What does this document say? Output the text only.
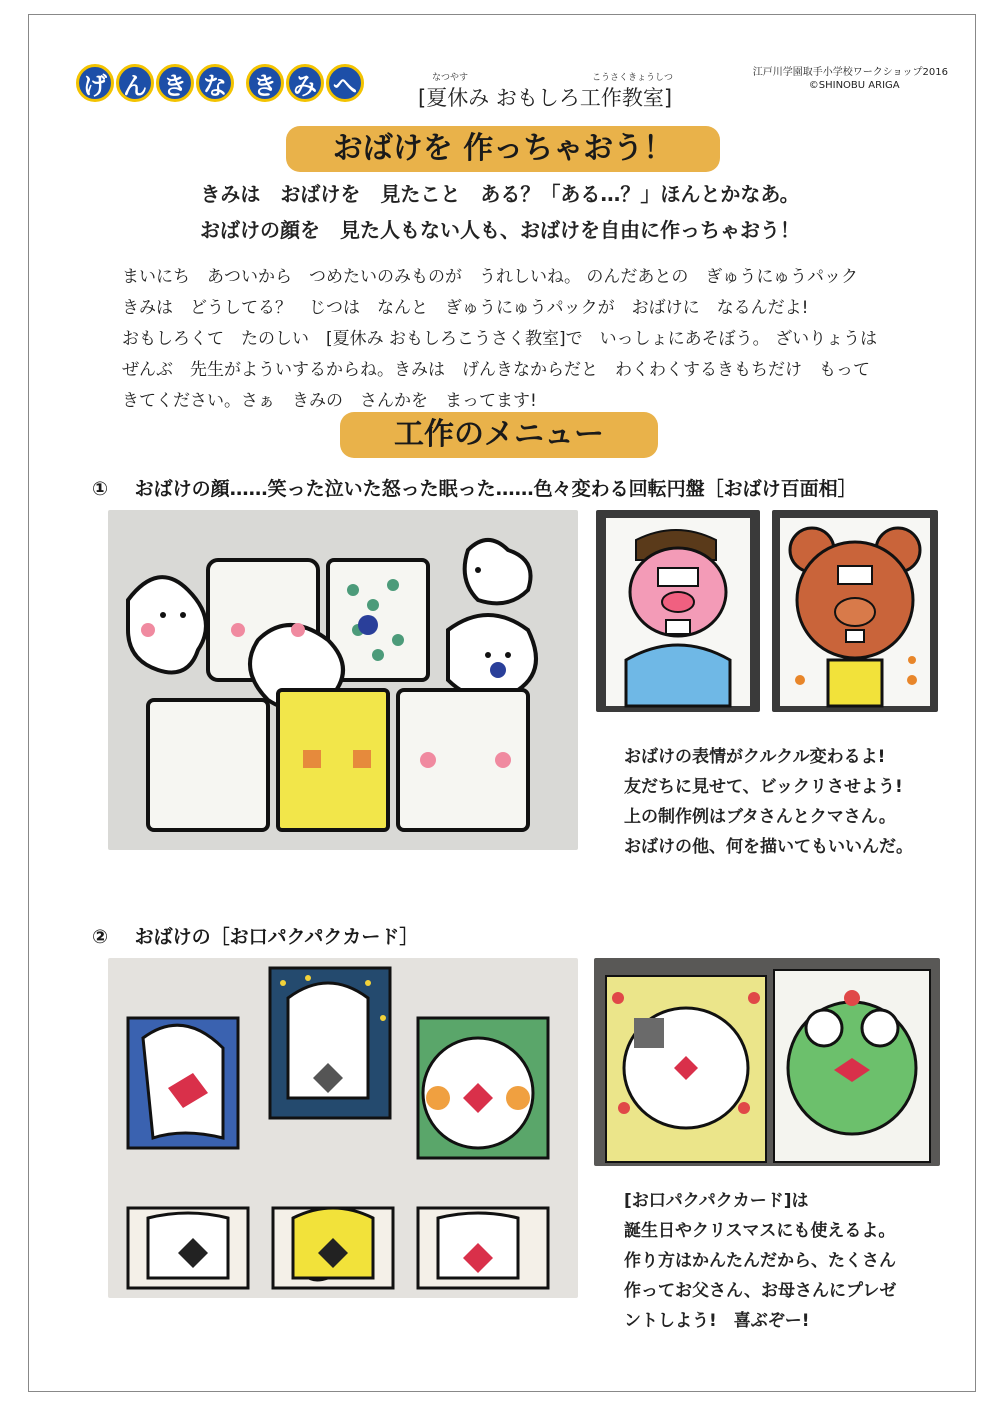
げ ん き な き み へ	なつやす	こうさくきょうしつ
[夏休み おもしろ工作教室]
江戸川学園取手小学校ワークショップ2016
©SHINOBU ARIGA
おばけを 作っちゃおう！
きみは　おばけを　見たこと　ある？「ある…？」ほんとかなあ。
おばけの顔を　見た人もない人も、おばけを自由に作っちゃおう！

まいにち　あついから　つめたいのみものが　うれしいね。 のんだあとの　ぎゅうにゅうパック

きみは　どうしてる？　じつは　なんと　ぎゅうにゅうパックが　おばけに　なるんだよ!

おもしろくて　たのしい　[夏休み おもしろこうさく教室]で　いっしょにあそぼう。 ざいりょうは

ぜんぶ　先生がよういするからね。きみは　げんきなからだと　わくわくするきもちだけ　もって

きてください。さぁ　きみの　さんかを　まってます!

工作のメニュー
① おばけの顔……笑った泣いた怒った眠った……色々変わる回転円盤［おばけ百面相］

おばけの表情がクルクル変わるよ!

友だちに見せて、ビックリさせよう!

上の制作例はブタさんとクマさん。

おばけの他、何を描いてもいいんだ。

② おばけの［お口パクパクカード］

[お口パクパクカード]は

誕生日やクリスマスにも使えるよ。

作り方はかんたんだから、たくさん

作ってお父さん、お母さんにプレゼ

ントしよう!　喜ぶぞー!
